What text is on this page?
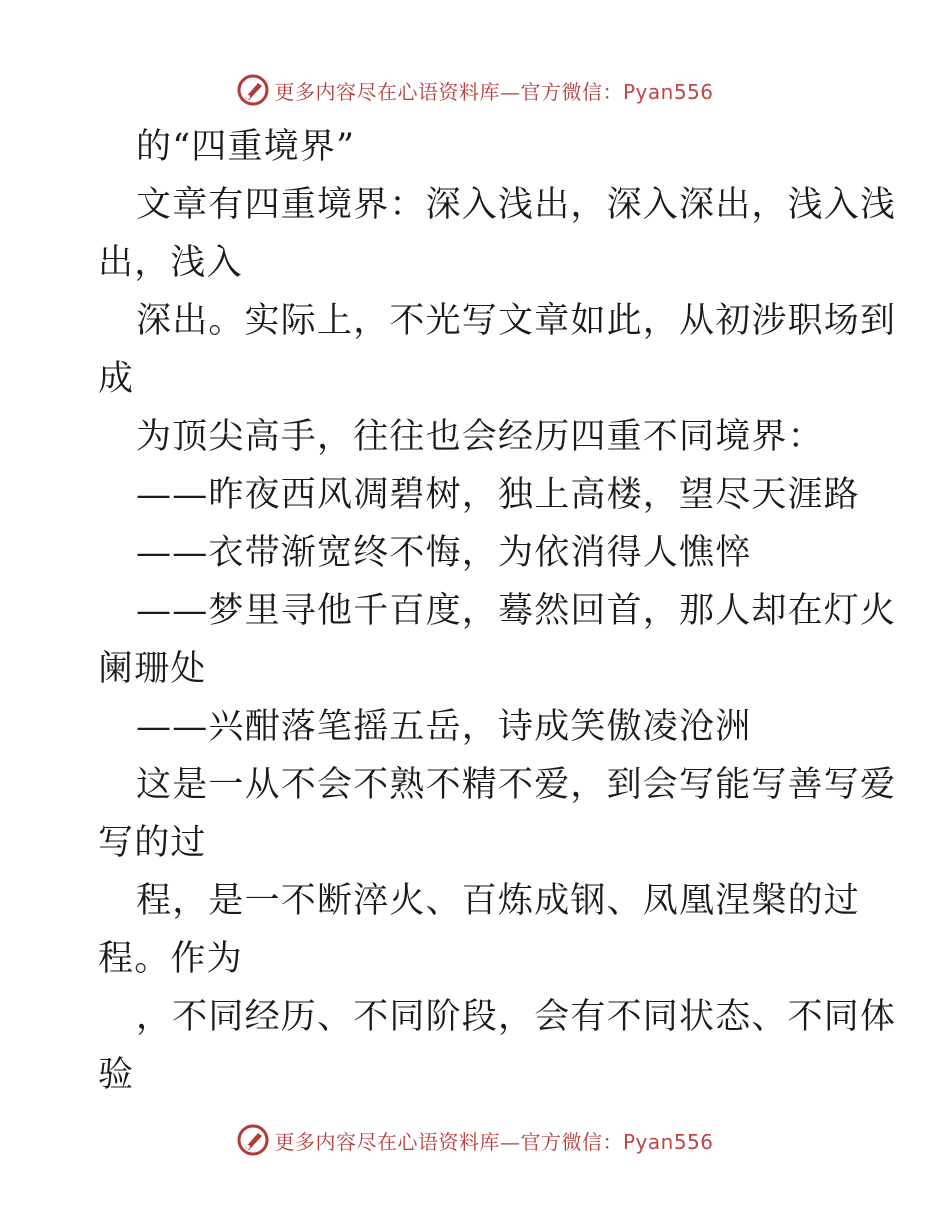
更多内容尽在心语资料库—官方微信：Pyan556
的“四重境界”
文章有四重境界：深入浅出，深入深出，浅入浅
出，浅入
深出。实际上，不光写文章如此，从初涉职场到
成
为顶尖高手，往往也会经历四重不同境界：
——昨夜西风凋碧树，独上高楼，望尽天涯路
——衣带渐宽终不悔，为依消得人憔悴
——梦里寻他千百度，蓦然回首，那人却在灯火
阑珊处
——兴酣落笔摇五岳，诗成笑傲凌沧洲
这是一从不会不熟不精不爱，到会写能写善写爱
写的过
程，是一不断淬火、百炼成钢、凤凰涅槃的过
程。作为
，不同经历、不同阶段，会有不同状态、不同体
验
更多内容尽在心语资料库—官方微信：Pyan556
